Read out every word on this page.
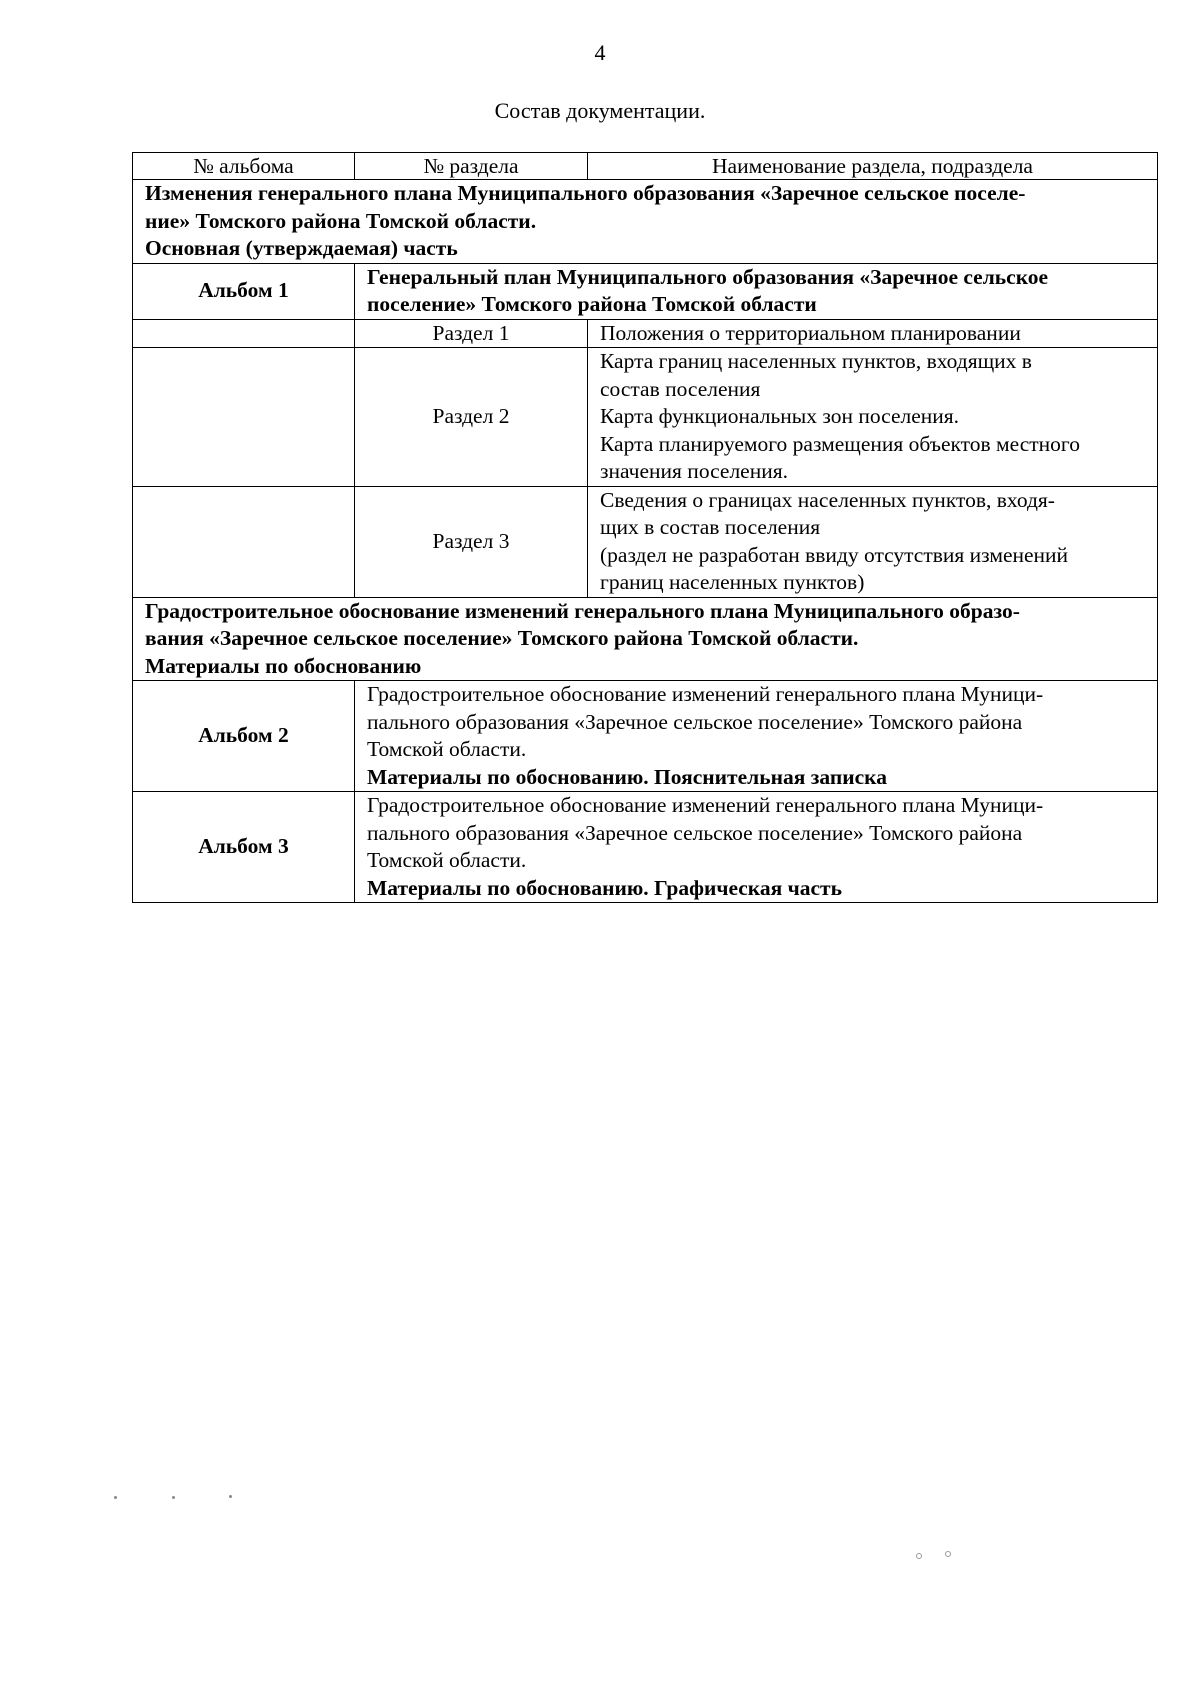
4
Состав документации.
№ альбома	№ раздела	Наименование раздела, подраздела

Изменения генерального плана Муниципального образования «Заречное сельское поселе-
ние» Томского района Томской области.
Основная (утверждаемая) часть		

Альбом 1	Генеральный план Муниципального образования «Заречное сельское
поселение» Томского района Томской области	

	Раздел 1	Положения о территориальном планировании
	Раздел 2	Карта границ населенных пунктов, входящих в
состав поселения
Карта функциональных зон поселения.
Карта планируемого размещения объектов местного
значения поселения.

	Раздел 3	Сведения о границах населенных пунктов, входя-
щих в состав поселения
(раздел не разработан ввиду отсутствия изменений
границ населенных пунктов)

Градостроительное обоснование изменений генерального плана Муниципального образо-
вания «Заречное сельское поселение» Томского района Томской области.
Материалы по обоснованию		

Альбом 2	Градостроительное обоснование изменений генерального плана Муници-
пального образования «Заречное сельское поселение» Томского района
Томской области.
Материалы по обоснованию. Пояснительная записка	

Альбом 3	Градостроительное обоснование изменений генерального плана Муници-
пального образования «Заречное сельское поселение» Томского района
Томской области.
Материалы по обоснованию. Графическая часть	
